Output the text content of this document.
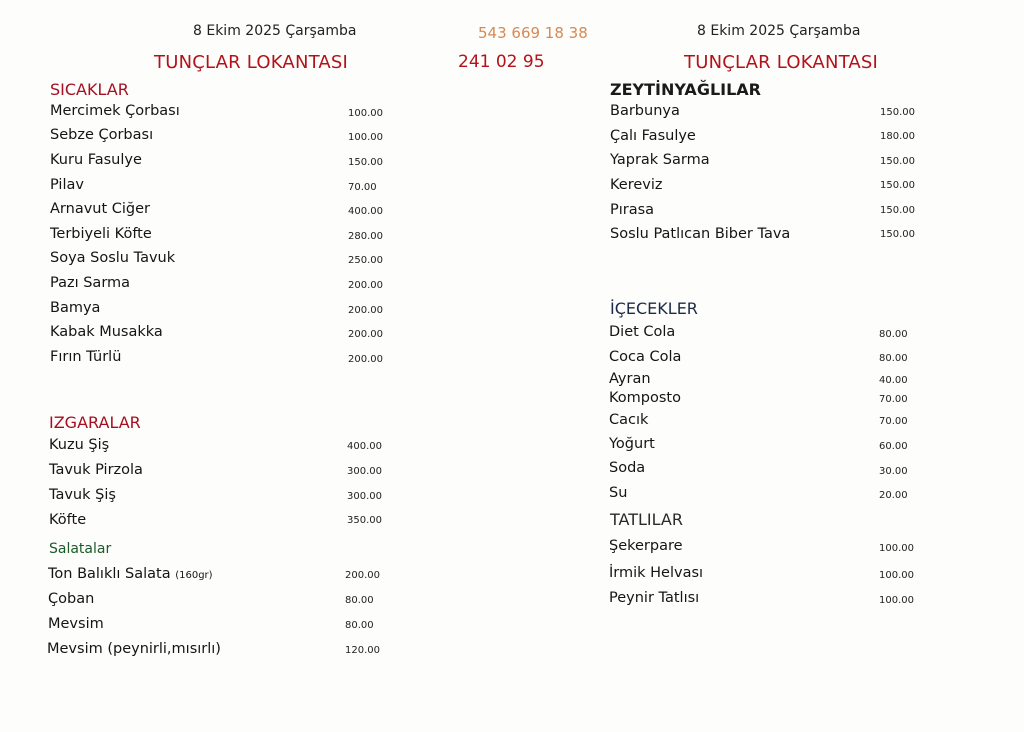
8 Ekim 2025 Çarşamba
TUNÇLAR LOKANTASI
543 669 18 38
241 02 95
8 Ekim 2025 Çarşamba
TUNÇLAR LOKANTASI
SICAKLAR
Mercimek Çorbası	100.00
Sebze Çorbası	100.00
Kuru Fasulye	150.00
Pilav	70.00
Arnavut Ciğer	400.00
Terbiyeli Köfte	280.00
Soya Soslu Tavuk	250.00
Pazı Sarma	200.00
Bamya	200.00
Kabak Musakka	200.00
Fırın Türlü	200.00
IZGARALAR
Kuzu Şiş	400.00
Tavuk Pirzola	300.00
Tavuk Şiş	300.00
Köfte	350.00
Salatalar
Ton Balıklı Salata (160gr)	200.00
Çoban	80.00
Mevsim	80.00
Mevsim (peynirli,mısırlı)	120.00
ZEYTİNYAĞLILAR
Barbunya	150.00
Çalı Fasulye	180.00
Yaprak Sarma	150.00
Kereviz	150.00
Pırasa	150.00
Soslu Patlıcan Biber Tava	150.00
İÇECEKLER
Diet Cola	80.00
Coca Cola	80.00
Ayran	40.00
Komposto	70.00
Cacık	70.00
Yoğurt	60.00
Soda	30.00
Su	20.00
TATLILAR
Şekerpare	100.00
İrmik Helvası	100.00
Peynir Tatlısı	100.00
